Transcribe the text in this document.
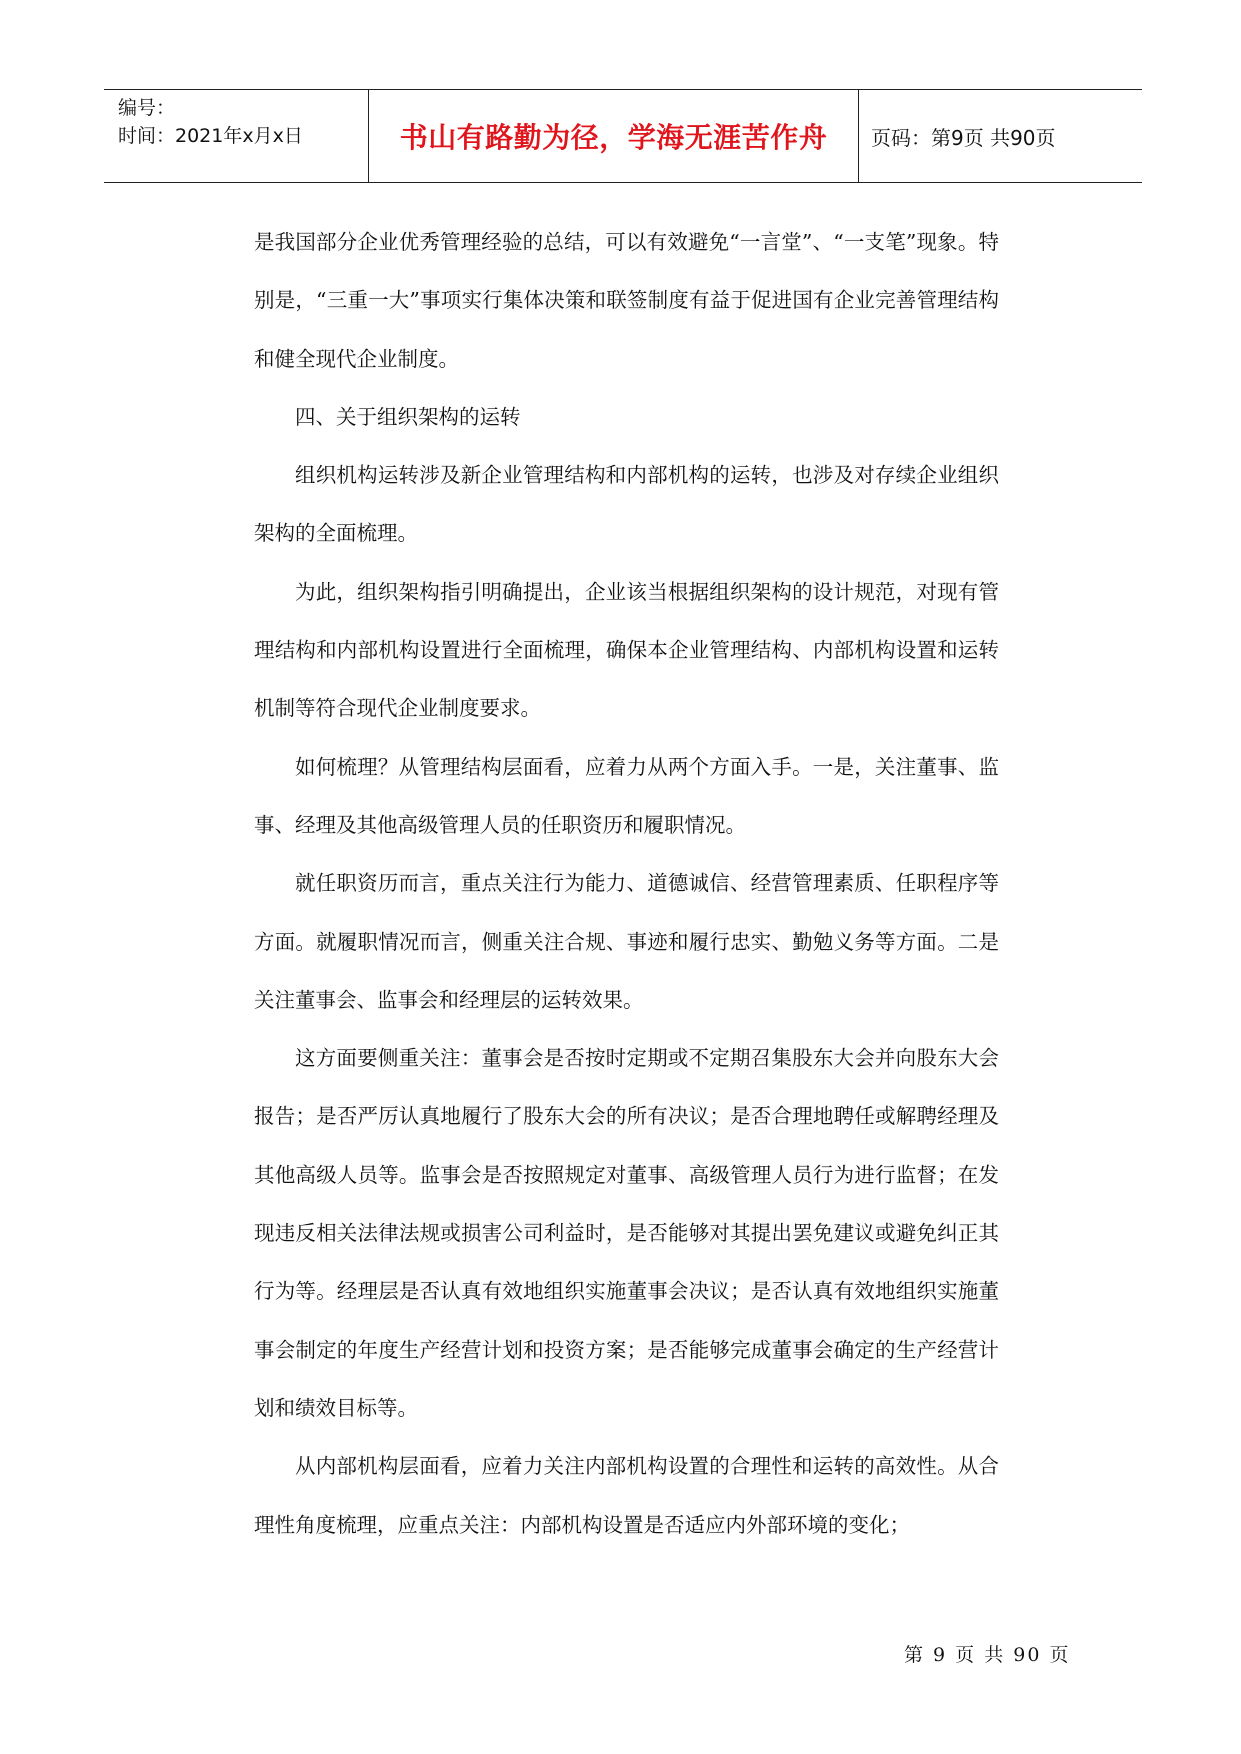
编号：
时间：2021年x月x日	书山有路勤为径，学海无涯苦作舟	页码：第9页 共90页

是我国部分企业优秀管理经验的总结，可以有效避免“一言堂”、“一支笔”现象。特别是，“三重一大”事项实行集体决策和联签制度有益于促进国有企业完善管理结构和健全现代企业制度。

四、关于组织架构的运转

组织机构运转涉及新企业管理结构和内部机构的运转，也涉及对存续企业组织架构的全面梳理。

为此，组织架构指引明确提出，企业该当根据组织架构的设计规范，对现有管理结构和内部机构设置进行全面梳理，确保本企业管理结构、内部机构设置和运转机制等符合现代企业制度要求。

如何梳理？从管理结构层面看，应着力从两个方面入手。一是，关注董事、监事、经理及其他高级管理人员的任职资历和履职情况。

就任职资历而言，重点关注行为能力、道德诚信、经营管理素质、任职程序等方面。就履职情况而言，侧重关注合规、事迹和履行忠实、勤勉义务等方面。二是关注董事会、监事会和经理层的运转效果。

这方面要侧重关注：董事会是否按时定期或不定期召集股东大会并向股东大会报告；是否严厉认真地履行了股东大会的所有决议；是否合理地聘任或解聘经理及其他高级人员等。监事会是否按照规定对董事、高级管理人员行为进行监督；在发现违反相关法律法规或损害公司利益时，是否能够对其提出罢免建议或避免纠正其行为等。经理层是否认真有效地组织实施董事会决议；是否认真有效地组织实施董事会制定的年度生产经营计划和投资方案；是否能够完成董事会确定的生产经营计划和绩效目标等。

从内部机构层面看，应着力关注内部机构设置的合理性和运转的高效性。从合理性角度梳理，应重点关注：内部机构设置是否适应内外部环境的变化；

第 9 页 共 90 页
